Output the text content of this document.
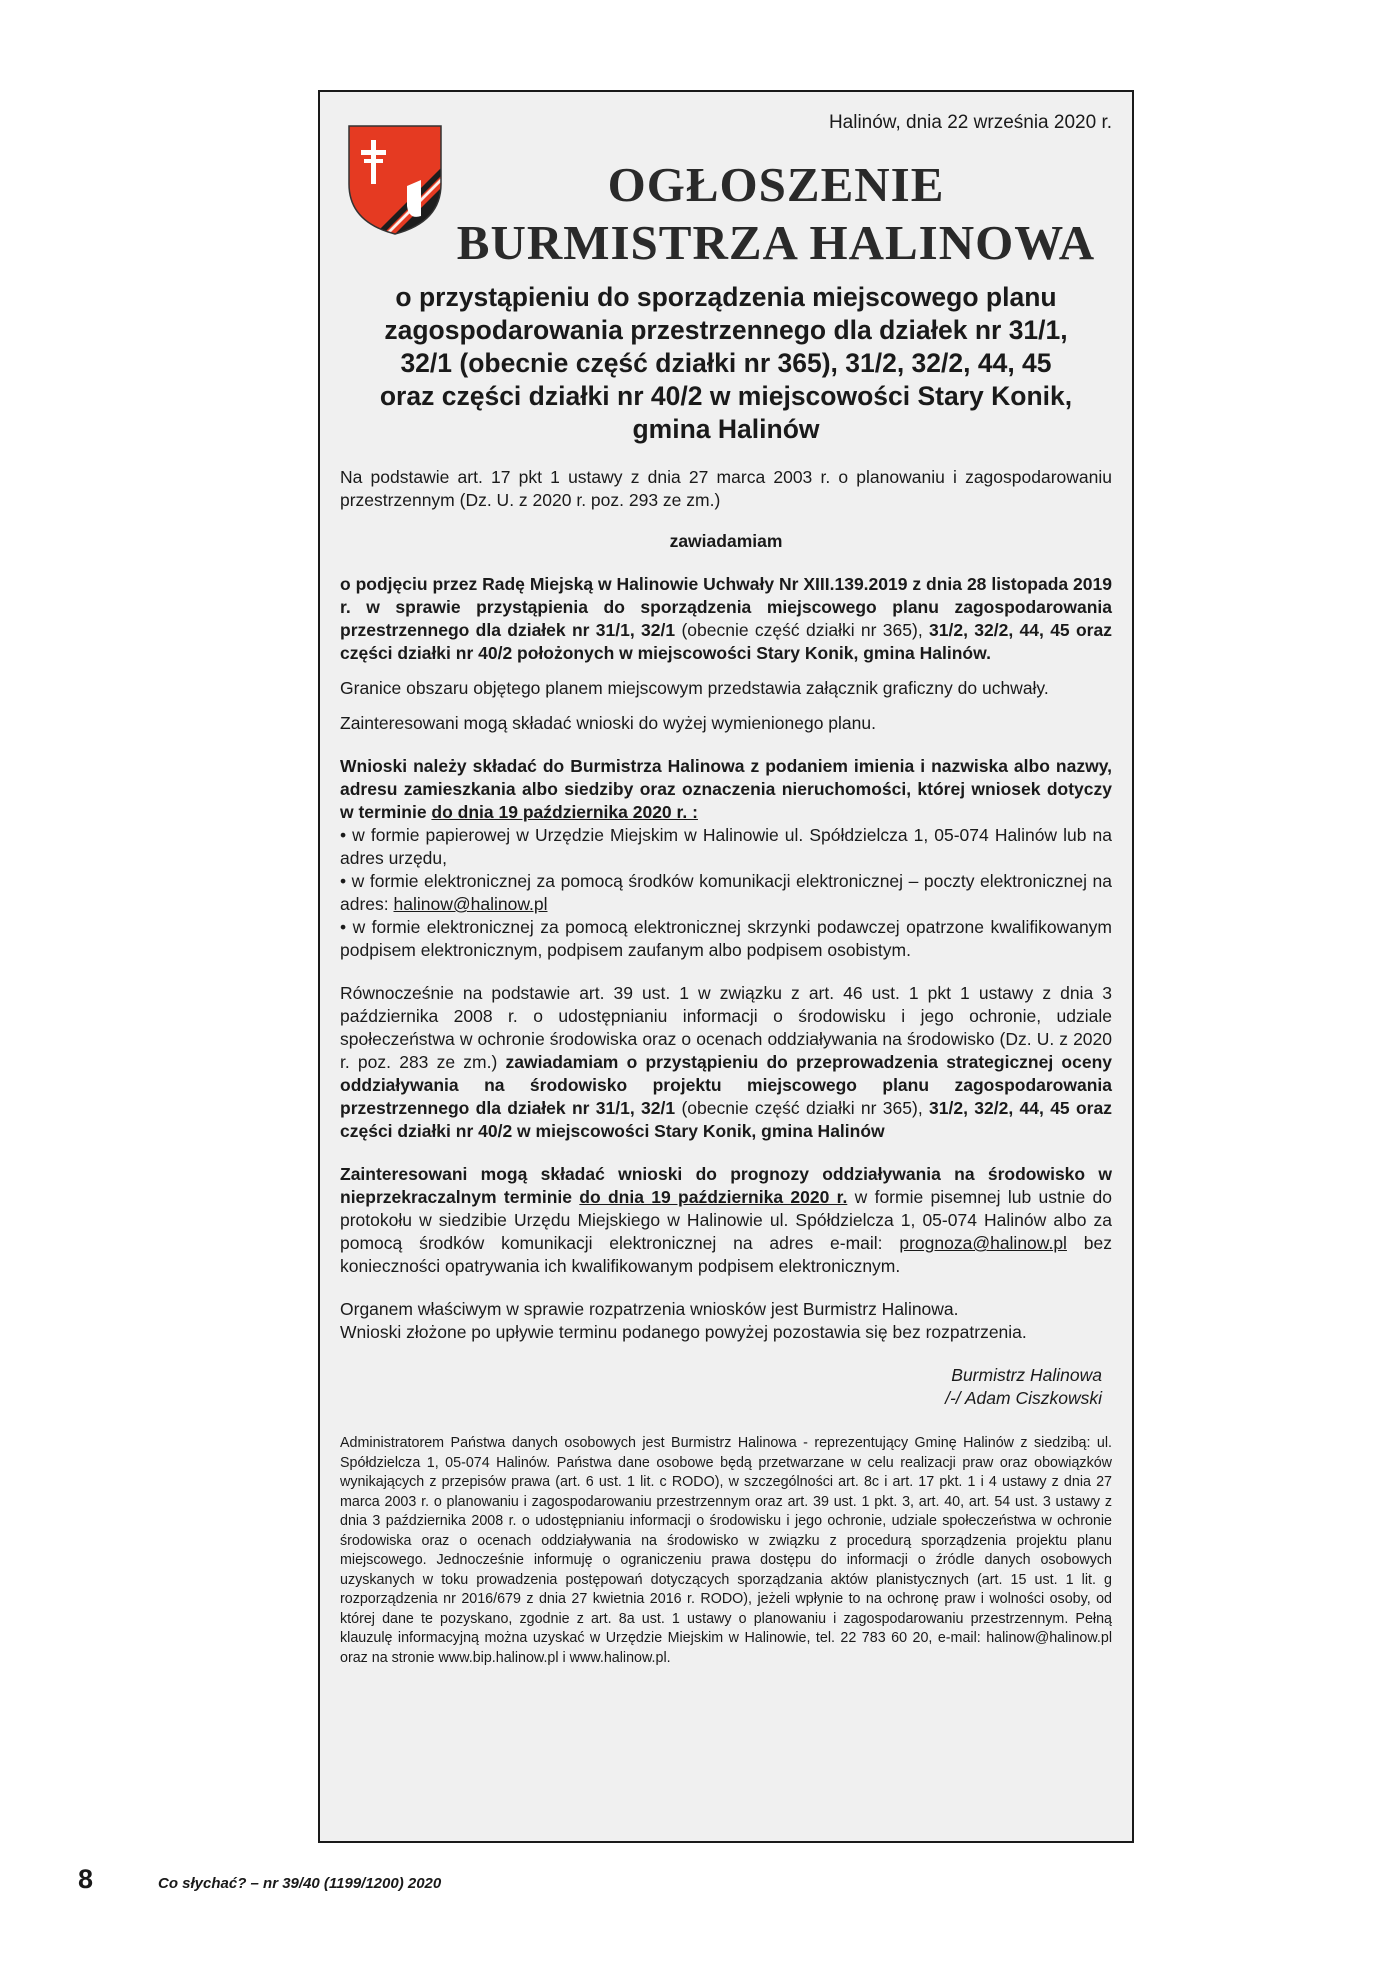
Halinów, dnia 22 września 2020 r.
OGŁOSZENIE
BURMISTRZA HALINOWA
o przystąpieniu do sporządzenia miejscowego planu
zagospodarowania przestrzennego dla działek nr 31/1,
32/1 (obecnie część działki nr 365), 31/2, 32/2, 44, 45
oraz części działki nr 40/2 w miejscowości Stary Konik,
gmina Halinów

Na podstawie art. 17 pkt 1 ustawy z dnia 27 marca 2003 r. o planowaniu i zagospodarowaniu przestrzennym (Dz. U. z 2020 r. poz. 293 ze zm.)

zawiadamiam

o podjęciu przez Radę Miejską w Halinowie Uchwały Nr XIII.139.2019 z dnia 28 listopada 2019 r. w sprawie przystąpienia do sporządzenia miejscowego planu zagospodarowania przestrzennego dla działek nr 31/1, 32/1 (obecnie część działki nr 365), 31/2, 32/2, 44, 45 oraz części działki nr 40/2 położonych w miejscowości Stary Konik, gmina Halinów.

Granice obszaru objętego planem miejscowym przedstawia załącznik graficzny do uchwały.

Zainteresowani mogą składać wnioski do wyżej wymienionego planu.

Wnioski należy składać do Burmistrza Halinowa z podaniem imienia i nazwiska albo nazwy, adresu zamieszkania albo siedziby oraz oznaczenia nieruchomości, której wniosek dotyczy w terminie do dnia 19 października 2020 r. :

• w formie papierowej w Urzędzie Miejskim w Halinowie ul. Spółdzielcza 1, 05-074 Halinów lub na adres urzędu,

• w formie elektronicznej za pomocą środków komunikacji elektronicznej – poczty elektronicznej na adres: halinow@halinow.pl

• w formie elektronicznej za pomocą elektronicznej skrzynki podawczej opatrzone kwalifikowanym podpisem elektronicznym, podpisem zaufanym albo podpisem osobistym.

Równocześnie na podstawie art. 39 ust. 1 w związku z art. 46 ust. 1 pkt 1 ustawy z dnia 3 października 2008 r. o udostępnianiu informacji o środowisku i jego ochronie, udziale społeczeństwa w ochronie środowiska oraz o ocenach oddziaływania na środowisko (Dz. U. z 2020 r. poz. 283 ze zm.) zawiadamiam o przystąpieniu do przeprowadzenia strategicznej oceny oddziaływania na środowisko projektu miejscowego planu zagospodarowania przestrzennego dla działek nr 31/1, 32/1 (obecnie część działki nr 365), 31/2, 32/2, 44, 45 oraz części działki nr 40/2 w miejscowości Stary Konik, gmina Halinów

Zainteresowani mogą składać wnioski do prognozy oddziaływania na środowisko w nieprzekraczalnym terminie do dnia 19 października 2020 r. w formie pisemnej lub ustnie do protokołu w siedzibie Urzędu Miejskiego w Halinowie ul. Spółdzielcza 1, 05-074 Halinów albo za pomocą środków komunikacji elektronicznej na adres e-mail: prognoza@halinow.pl bez konieczności opatrywania ich kwalifikowanym podpisem elektronicznym.

Organem właściwym w sprawie rozpatrzenia wniosków jest Burmistrz Halinowa.

Wnioski złożone po upływie terminu podanego powyżej pozostawia się bez rozpatrzenia.

Burmistrz Halinowa
/-/ Adam Ciszkowski

Administratorem Państwa danych osobowych jest Burmistrz Halinowa - reprezentujący Gminę Halinów z siedzibą: ul. Spółdzielcza 1, 05-074 Halinów. Państwa dane osobowe będą przetwarzane w celu realizacji praw oraz obowiązków wynikających z przepisów prawa (art. 6 ust. 1 lit. c RODO), w szczególności art. 8c i art. 17 pkt. 1 i 4 ustawy z dnia 27 marca 2003 r. o planowaniu i zagospodarowaniu przestrzennym oraz art. 39 ust. 1 pkt. 3, art. 40, art. 54 ust. 3 ustawy z dnia 3 października 2008 r. o udostępnianiu informacji o środowisku i jego ochronie, udziale społeczeństwa w ochronie środowiska oraz o ocenach oddziaływania na środowisko w związku z procedurą sporządzenia projektu planu miejscowego. Jednocześnie informuję o ograniczeniu prawa dostępu do informacji o źródle danych osobowych uzyskanych w toku prowadzenia postępowań dotyczących sporządzania aktów planistycznych (art. 15 ust. 1 lit. g rozporządzenia nr 2016/679 z dnia 27 kwietnia 2016 r. RODO), jeżeli wpłynie to na ochronę praw i wolności osoby, od której dane te pozyskano, zgodnie z art. 8a ust. 1 ustawy o planowaniu i zagospodarowaniu przestrzennym. Pełną klauzulę informacyjną można uzyskać w Urzędzie Miejskim w Halinowie, tel. 22 783 60 20, e-mail: halinow@halinow.pl oraz na stronie www.bip.halinow.pl i www.halinow.pl.

8	Co słychać? – nr 39/40 (1199/1200) 2020
